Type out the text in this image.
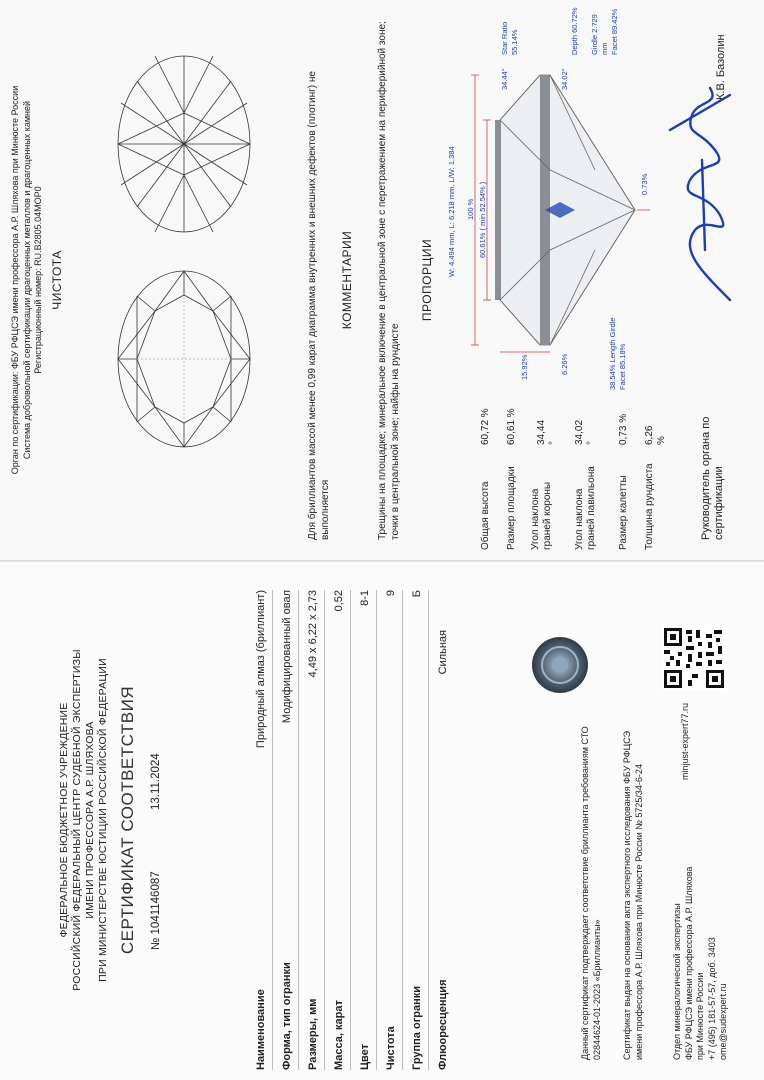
ФЕДЕРАЛЬНОЕ БЮДЖЕТНОЕ УЧРЕЖДЕНИЕ РОССИЙСКИЙ ФЕДЕРАЛЬНЫЙ ЦЕНТР СУДЕБНОЙ ЭКСПЕРТИЗЫ ИМЕНИ ПРОФЕССОРА А.Р. ШЛЯХОВА ПРИ МИНИСТЕРСТВЕ ЮСТИЦИИ РОССИЙСКОЙ ФЕДЕРАЦИИ СЕРТИФИКАТ СООТВЕТСТВИЯ № 1041146087
13.11.2024
Наименование
Природный алмаз (бриллиант)
Форма, тип огранки
Модифицированный овал
Размеры, мм
4,49 x 6,22 x 2,73
Масса, карат
0,52
Цвет
8-1
Чистота
9
Группа огранки
Б
Флюоресценция
Сильная
Данный сертификат подтверждает соответствие бриллианта требованиям СТО 02844624-01-2023 «Бриллианты» Сертификат выдан на основании акта экспертного исследования ФБУ РФЦСЭ имени профессора А.Р. Шляхова при Минюсте России № 5725/34-6-24	Отдел минералогической экспертизы ФБУ РФЦСЭ имени профессора А.Р. Шляхова при Минюсте России +7 (495) 181-57-57, доб. 3403 ome@sudexpert.ru
minjust-expert77.ru
Орган по сертификации: ФБУ РФЦСЭ имени профессора А.Р. Шляхова при Минюсте России Система добровольной сертификации драгоценных металлов и драгоценных камней Регистрационный номер: RU.B2805.04MOP0 ЧИСТОТА	Для бриллиантов массой менее 0,99 карат диаграмма внутренних и внешних дефектов (плотинг) не выполняется
КОММЕНТАРИИ Трещины на площадке; минеральное включение в центральной зоне с перетражением на периферийной зоне; точки в центральной зоне; найфы на рундисте
ПРОПОРЦИИ
Общая высота
60,72 %
Размер площадки
60,61 %
Угол наклона граней короны
34,44 °
Угол наклона граней павильона
34,02 °
Размер калетты
0,73 %
Толщина рундиста
6,26 %
W: 4.494 mm, L: 6.218 mm, L/W: 1.384 100 % 60.61% ( min 52.54% )
34.44°	34.02°
Star Ratio 55.14%	Depth 60.72% Girdle 2.729 mm Facet 89.42%
38.54% Length Girdle Facet 85.18%
15.92%	6.26%
0.73%
Руководитель органа по сертификации
К.В. Базолин
